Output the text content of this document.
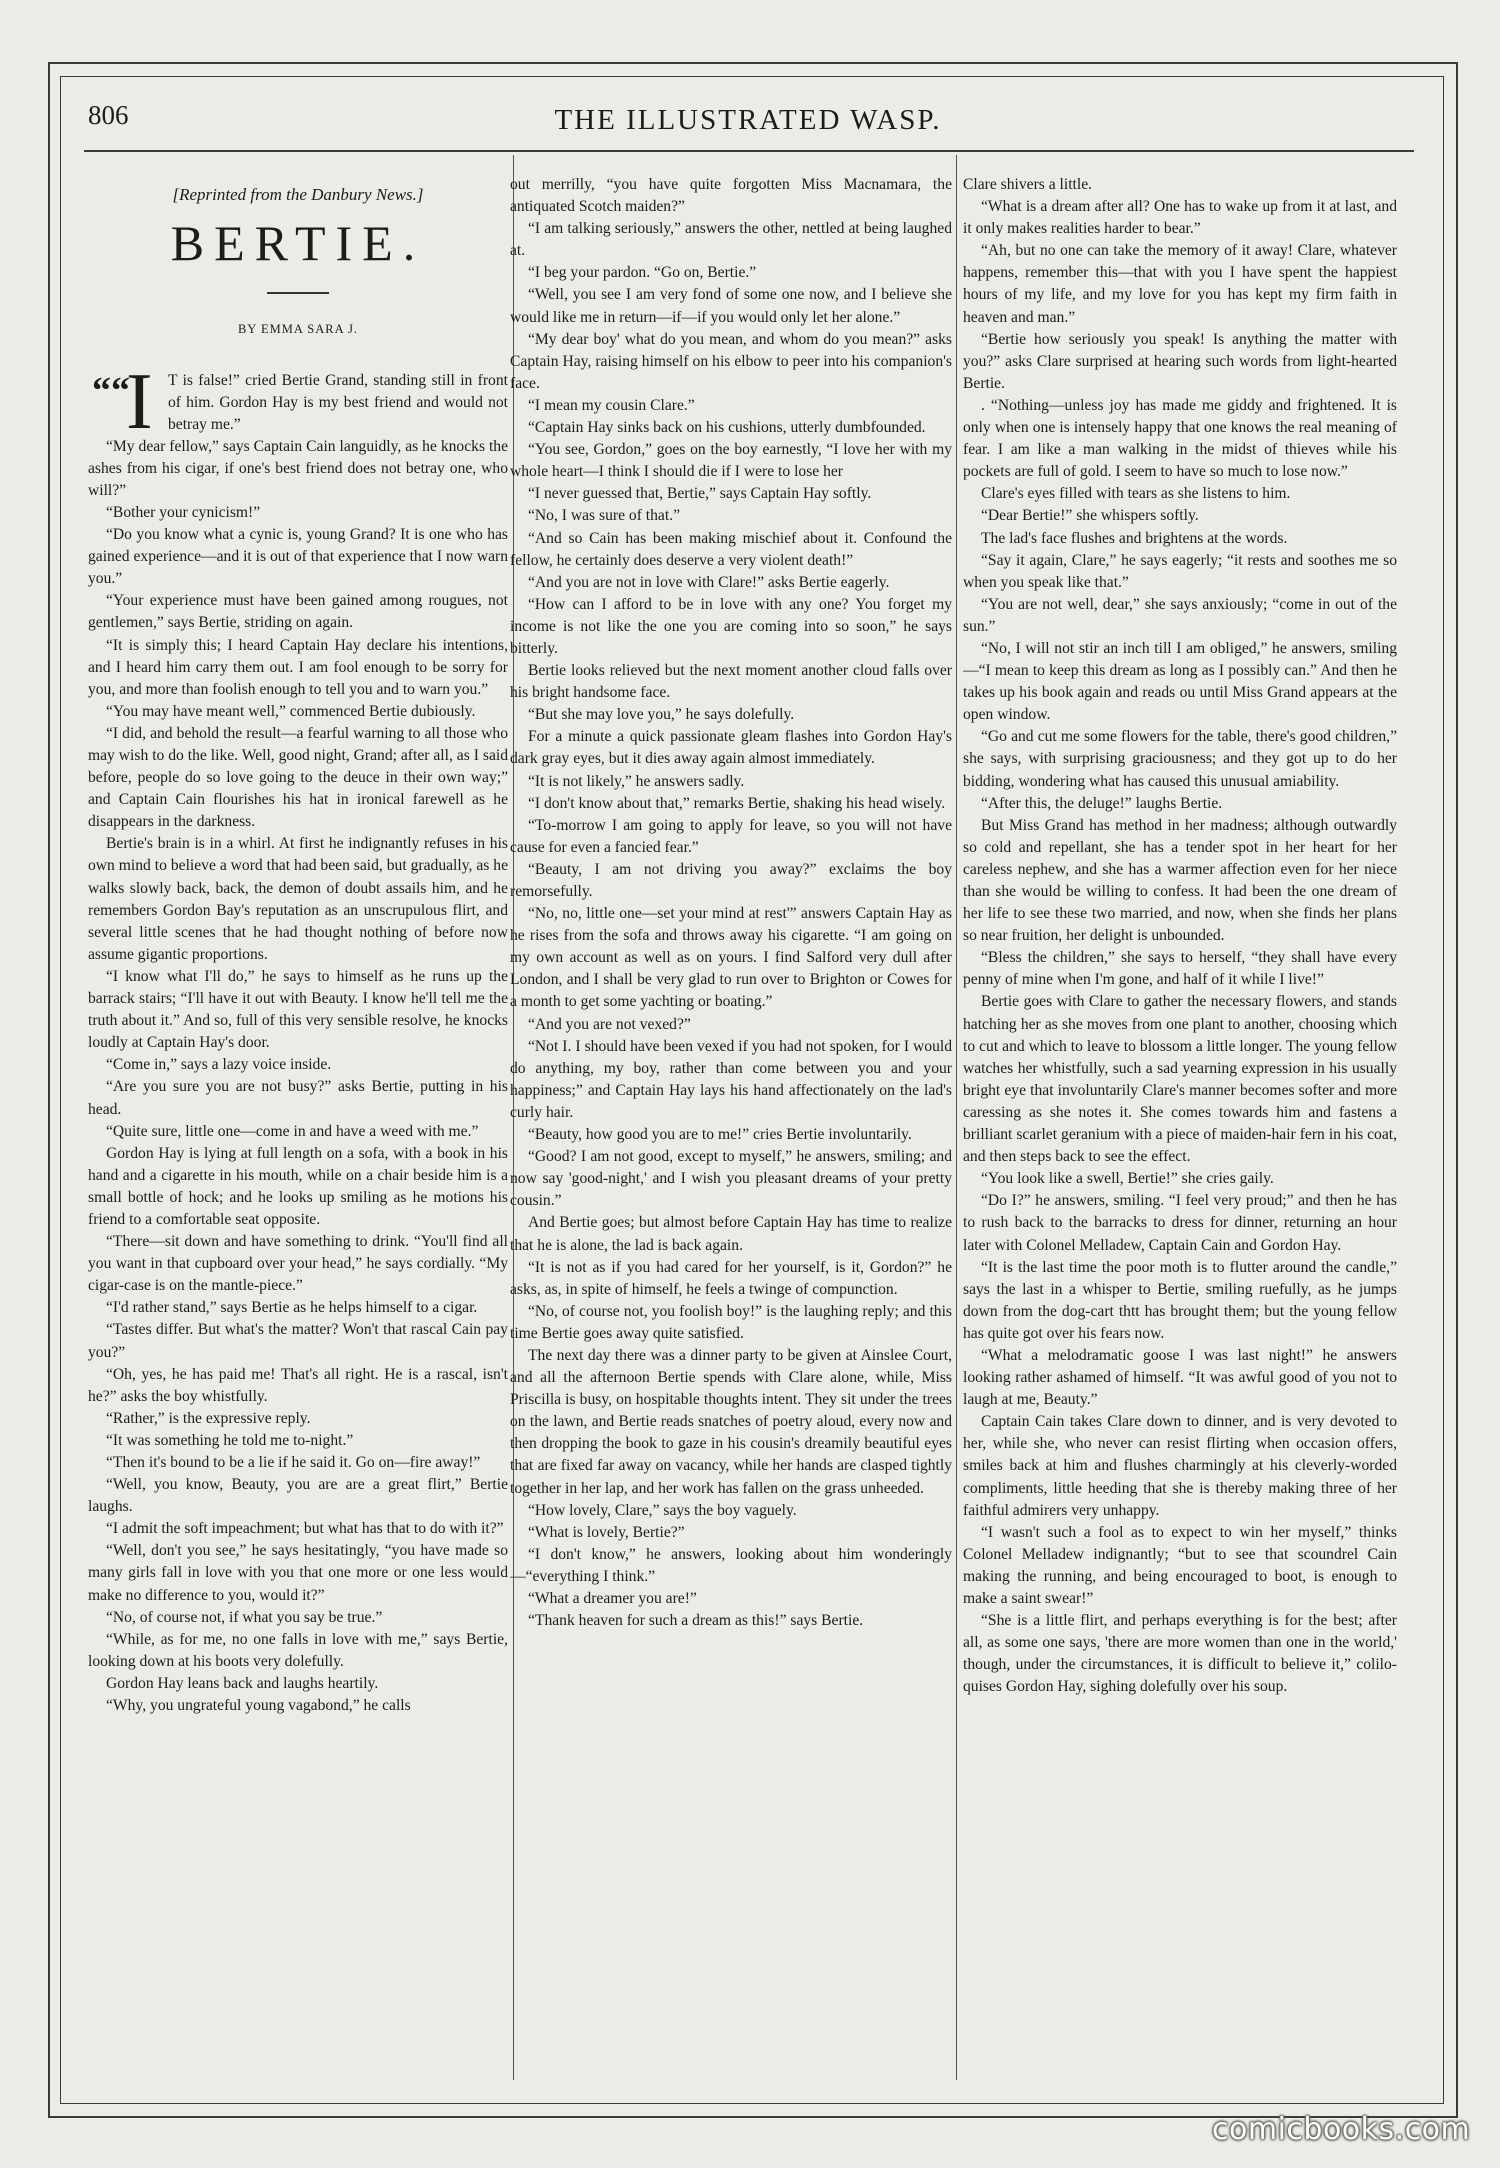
806	THE ILLUSTRATED WASP.
[Reprinted from the Danbury News.]
BERTIE.
BY EMMA SARA J.
““
I T is false!” cried Bertie Grand, standing still in front of him. Gordon Hay is my best friend and would not betray me.”

“My dear fellow,” says Captain Cain languidly, as he knocks the ashes from his cigar, if one's best friend does not betray one, who will?”

“Bother your cynicism!”

“Do you know what a cynic is, young Grand? It is one who has gained experience—and it is out of that experience that I now warn you.”

“Your experience must have been gained among rougues, not gentlemen,” says Bertie, striding on again.

“It is simply this; I heard Captain Hay declare his intentions, and I heard him carry them out. I am fool enough to be sorry for you, and more than foolish enough to tell you and to warn you.”

“You may have meant well,” commenced Bertie dubiously.

“I did, and behold the result—a fearful warning to all those who may wish to do the like. Well, good night, Grand; after all, as I said before, people do so love going to the deuce in their own way;” and Captain Cain flourishes his hat in ironical farewell as he disappears in the darkness.

Bertie's brain is in a whirl. At first he indignantly refuses in his own mind to believe a word that had been said, but gradually, as he walks slowly back, back, the demon of doubt assails him, and he remembers Gordon Bay's reputation as an unscrupulous flirt, and several little scenes that he had thought nothing of before now assume gigantic proportions.

“I know what I'll do,” he says to himself as he runs up the barrack stairs; “I'll have it out with Beauty. I know he'll tell me the truth about it.” And so, full of this very sensible resolve, he knocks loudly at Captain Hay's door.

“Come in,” says a lazy voice inside.

“Are you sure you are not busy?” asks Bertie, putting in his head.

“Quite sure, little one—come in and have a weed with me.”

Gordon Hay is lying at full length on a sofa, with a book in his hand and a cigarette in his mouth, while on a chair beside him is a small bottle of hock; and he looks up smiling as he motions his friend to a comfortable seat opposite.

“There—sit down and have something to drink. “You'll find all you want in that cupboard over your head,” he says cordially. “My cigar-case is on the mantle-piece.”

“I'd rather stand,” says Bertie as he helps himself to a cigar.

“Tastes differ. But what's the matter? Won't that rascal Cain pay you?”

“Oh, yes, he has paid me! That's all right. He is a rascal, isn't he?” asks the boy whistfully.

“Rather,” is the expressive reply.

“It was something he told me to-night.”

“Then it's bound to be a lie if he said it. Go on—fire away!”

“Well, you know, Beauty, you are are a great flirt,” Bertie laughs.

“I admit the soft impeachment; but what has that to do with it?”

“Well, don't you see,” he says hesitatingly, “you have made so many girls fall in love with you that one more or one less would make no difference to you, would it?”

“No, of course not, if what you say be true.”

“While, as for me, no one falls in love with me,” says Bertie, looking down at his boots very dolefully.

Gordon Hay leans back and laughs heartily.

“Why, you ungrateful young vagabond,” he calls

out merrilly, “you have quite forgotten Miss Macnamara, the antiquated Scotch maiden?”

“I am talking seriously,” answers the other, nettled at being laughed at.

“I beg your pardon. “Go on, Bertie.”

“Well, you see I am very fond of some one now, and I believe she would like me in return—if—if you would only let her alone.”

“My dear boy' what do you mean, and whom do you mean?” asks Captain Hay, raising himself on his elbow to peer into his companion's face.

“I mean my cousin Clare.”

“Captain Hay sinks back on his cushions, utterly dumbfounded.

“You see, Gordon,” goes on the boy earnestly, “I love her with my whole heart—I think I should die if I were to lose her

“I never guessed that, Bertie,” says Captain Hay softly.

“No, I was sure of that.”

“And so Cain has been making mischief about it. Confound the fellow, he certainly does deserve a very violent death!”

“And you are not in love with Clare!” asks Bertie eagerly.

“How can I afford to be in love with any one? You forget my income is not like the one you are coming into so soon,” he says bitterly.

Bertie looks relieved but the next moment another cloud falls over his bright handsome face.

“But she may love you,” he says dolefully.

For a minute a quick passionate gleam flashes into Gordon Hay's dark gray eyes, but it dies away again almost immediately.

“It is not likely,” he answers sadly.

“I don't know about that,” remarks Bertie, shaking his head wisely.

“To-morrow I am going to apply for leave, so you will not have cause for even a fancied fear.”

“Beauty, I am not driving you away?” exclaims the boy remorsefully.

“No, no, little one—set your mind at rest'” answers Captain Hay as he rises from the sofa and throws away his cigarette. “I am going on my own account as well as on yours. I find Salford very dull after London, and I shall be very glad to run over to Brighton or Cowes for a month to get some yachting or boating.”

“And you are not vexed?”

“Not I. I should have been vexed if you had not spoken, for I would do anything, my boy, rather than come between you and your happiness;” and Captain Hay lays his hand affectionately on the lad's curly hair.

“Beauty, how good you are to me!” cries Bertie involuntarily.

“Good? I am not good, except to myself,” he answers, smiling; and now say 'good-night,' and I wish you pleasant dreams of your pretty cousin.”

And Bertie goes; but almost before Captain Hay has time to realize that he is alone, the lad is back again.

“It is not as if you had cared for her yourself, is it, Gordon?” he asks, as, in spite of himself, he feels a twinge of compunction.

“No, of course not, you foolish boy!” is the laughing reply; and this time Bertie goes away quite satisfied.

The next day there was a dinner party to be given at Ainslee Court, and all the afternoon Bertie spends with Clare alone, while, Miss Priscilla is busy, on hospitable thoughts intent. They sit under the trees on the lawn, and Bertie reads snatches of poetry aloud, every now and then dropping the book to gaze in his cousin's dreamily beautiful eyes that are fixed far away on vacancy, while her hands are clasped tightly together in her lap, and her work has fallen on the grass unheeded.

“How lovely, Clare,” says the boy vaguely.

“What is lovely, Bertie?”

“I don't know,” he answers, looking about him wonderingly—“everything I think.”

“What a dreamer you are!”

“Thank heaven for such a dream as this!” says Bertie.

Clare shivers a little.

“What is a dream after all? One has to wake up from it at last, and it only makes realities harder to bear.”

“Ah, but no one can take the memory of it away! Clare, whatever happens, remember this—that with you I have spent the happiest hours of my life, and my love for you has kept my firm faith in heaven and man.”

“Bertie how seriously you speak! Is anything the matter with you?” asks Clare surprised at hearing such words from light-hearted Bertie.

. “Nothing—unless joy has made me giddy and frightened. It is only when one is intensely happy that one knows the real meaning of fear. I am like a man walking in the midst of thieves while his pockets are full of gold. I seem to have so much to lose now.”

Clare's eyes filled with tears as she listens to him.

“Dear Bertie!” she whispers softly.

The lad's face flushes and brightens at the words.

“Say it again, Clare,” he says eagerly; “it rests and soothes me so when you speak like that.”

“You are not well, dear,” she says anxiously; “come in out of the sun.”

“No, I will not stir an inch till I am obliged,” he answers, smiling—“I mean to keep this dream as long as I possibly can.” And then he takes up his book again and reads ou until Miss Grand appears at the open window.

“Go and cut me some flowers for the table, there's good children,” she says, with surprising graciousness; and they got up to do her bidding, wondering what has caused this unusual amiability.

“After this, the deluge!” laughs Bertie.

But Miss Grand has method in her madness; although outwardly so cold and repellant, she has a tender spot in her heart for her careless nephew, and she has a warmer affection even for her niece than she would be willing to confess. It had been the one dream of her life to see these two married, and now, when she finds her plans so near fruition, her delight is unbounded.

“Bless the children,” she says to herself, “they shall have every penny of mine when I'm gone, and half of it while I live!”

Bertie goes with Clare to gather the necessary flowers, and stands hatching her as she moves from one plant to another, choosing which to cut and which to leave to blossom a little longer. The young fellow watches her whistfully, such a sad yearning expression in his usually bright eye that involuntarily Clare's manner becomes softer and more caressing as she notes it. She comes towards him and fastens a brilliant scarlet geranium with a piece of maiden-hair fern in his coat, and then steps back to see the effect.

“You look like a swell, Bertie!” she cries gaily.

“Do I?” he answers, smiling. “I feel very proud;” and then he has to rush back to the barracks to dress for dinner, returning an hour later with Colonel Melladew, Captain Cain and Gordon Hay.

“It is the last time the poor moth is to flutter around the candle,” says the last in a whisper to Bertie, smiling ruefully, as he jumps down from the dog-cart thtt has brought them; but the young fellow has quite got over his fears now.

“What a melodramatic goose I was last night!” he answers looking rather ashamed of himself. “It was awful good of you not to laugh at me, Beauty.”

Captain Cain takes Clare down to dinner, and is very devoted to her, while she, who never can resist flirting when occasion offers, smiles back at him and flushes charmingly at his cleverly-worded compliments, little heeding that she is thereby making three of her faithful admirers very unhappy.

“I wasn't such a fool as to expect to win her myself,” thinks Colonel Melladew indignantly; “but to see that scoundrel Cain making the running, and being encouraged to boot, is enough to make a saint swear!”

“She is a little flirt, and perhaps everything is for the best; after all, as some one says, 'there are more women than one in the world,' though, under the circumstances, it is difficult to believe it,” colilo-quises Gordon Hay, sighing dolefully over his soup.

comicbooks.com
